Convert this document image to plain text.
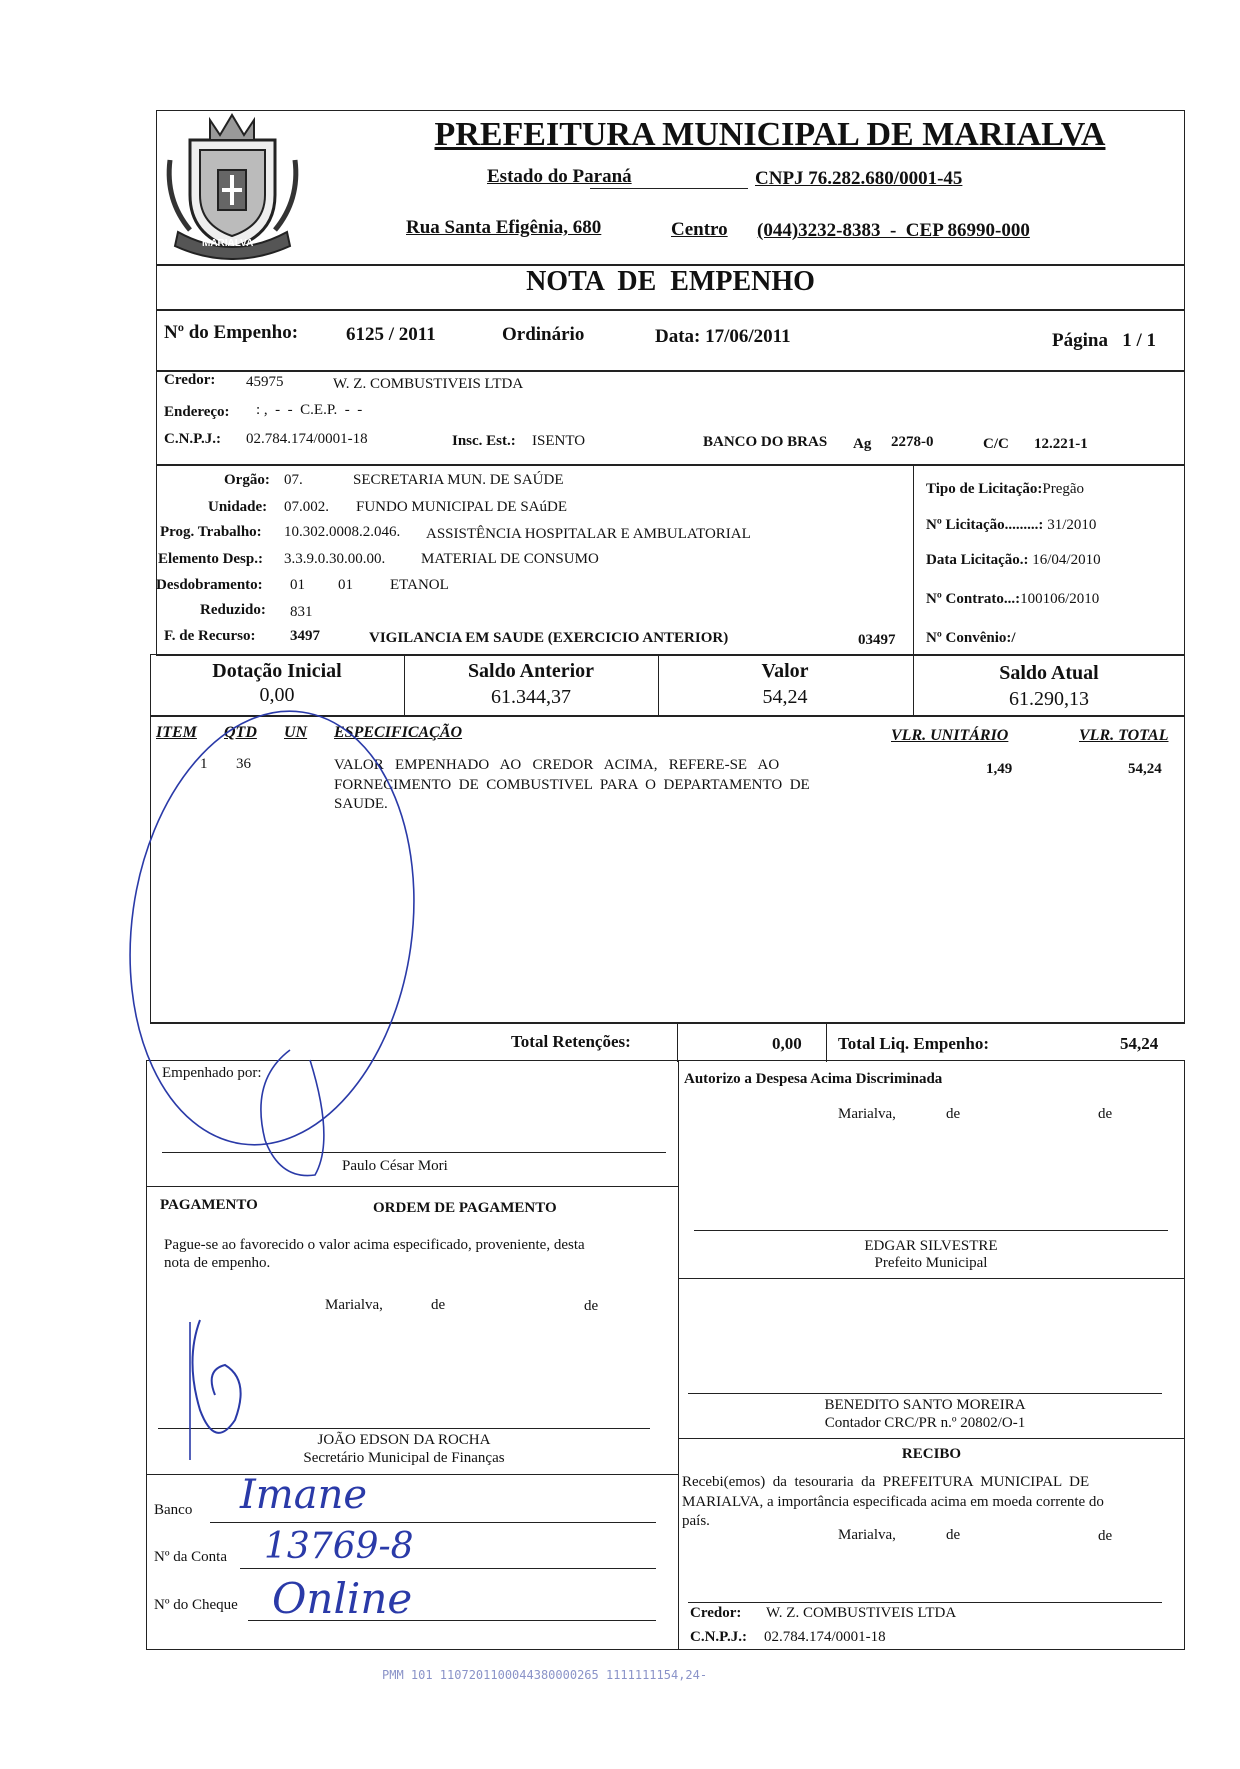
MARIALVA
PREFEITURA MUNICIPAL DE MARIALVA
Estado do Paraná	CNPJ 76.282.680/0001-45
Rua Santa Efigênia, 680	Centro (044)3232-8383  -  CEP 86990-000
NOTA  DE  EMPENHO
Nº do Empenho:	6125 / 2011	Ordinário	Data: 17/06/2011	Página   1 / 1
Credor: 45975	W. Z. COMBUSTIVEIS LTDA
Endereço: : ,  -  -  C.E.P.  -  -
C.N.P.J.: 02.784.174/0001-18	Insc. Est.: ISENTO	BANCO DO BRAS Ag 2278-0	C/C 12.221-1
Orgão: 07.	SECRETARIA MUN. DE SAÚDE
Unidade: 07.002. FUNDO MUNICIPAL DE SAúDE
Prog. Trabalho: 10.302.0008.2.046. ASSISTÊNCIA HOSPITALAR E AMBULATORIAL
Elemento Desp.: 3.3.9.0.30.00.00. MATERIAL DE CONSUMO
Desdobramento: 01 01 ETANOL
Reduzido: 831
F. de Recurso: 3497	VIGILANCIA EM SAUDE (EXERCICIO ANTERIOR)	03497
Tipo de Licitação:Pregão
Nº Licitação.........: 31/2010
Data Licitação.: 16/04/2010
Nº Contrato...:100106/2010
Nº Convênio:/
Dotação Inicial
0,00
Saldo Anterior
61.344,37
Valor
54,24
Saldo Atual
61.290,13
ITEM QTD UN ESPECIFICAÇÃO	VLR. UNITÁRIO	VLR. TOTAL
1 36	VALOR   EMPENHADO   AO   CREDOR   ACIMA,   REFERE-SE   AO
FORNECIMENTO  DE  COMBUSTIVEL  PARA  O  DEPARTAMENTO  DE
SAUDE.
1,49	54,24
Total Retenções:	0,00 Total Liq. Empenho:	54,24
Empenhado por:
Paulo César Mori
Autorizo a Despesa Acima Discriminada
Marialva,	de	de
EDGAR SILVESTRE
Prefeito Municipal
PAGAMENTO	ORDEM DE PAGAMENTO
Pague-se ao favorecido o valor acima especificado, proveniente, desta
nota de empenho.
Marialva,	de	de
JOÃO EDSON DA ROCHA
Secretário Municipal de Finanças
BENEDITO SANTO MOREIRA
Contador CRC/PR n.º 20802/O-1
Banco
Nº da Conta
Nº do Cheque
Imane
13769-8
Online
RECIBO
Recebi(emos)  da  tesouraria  da  PREFEITURA  MUNICIPAL  DE
MARIALVA, a importância especificada acima em moeda corrente do
país.
Marialva,	de	de
Credor: W. Z. COMBUSTIVEIS LTDA
C.N.P.J.: 02.784.174/0001-18
PMM 101 1107201100044380000265 1111111154,24-
